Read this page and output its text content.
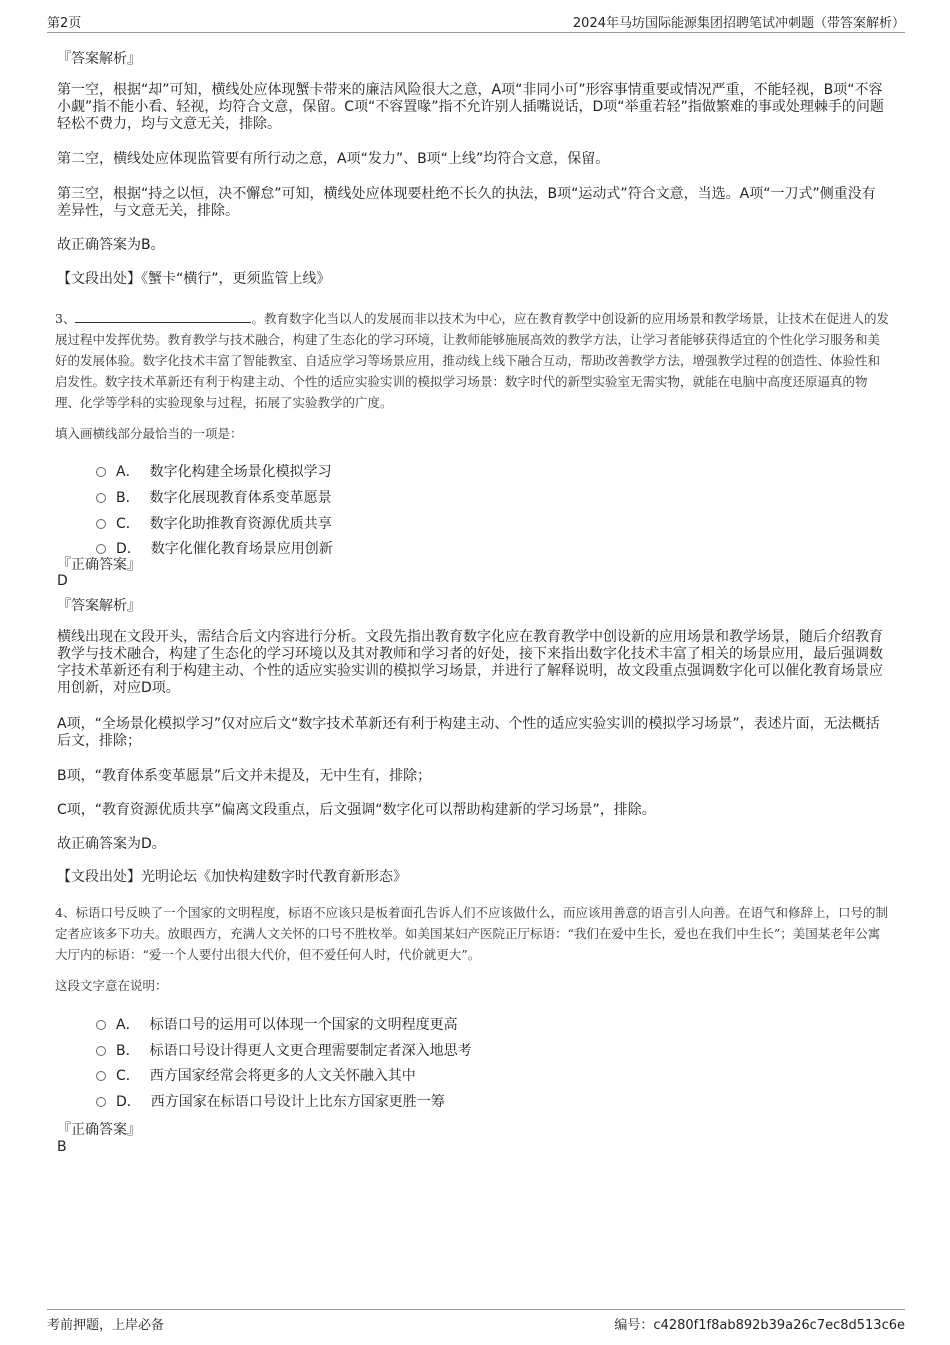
第2页	2024年马坊国际能源集团招聘笔试冲刺题（带答案解析）
『答案解析』
第一空，根据“却”可知，横线处应体现蟹卡带来的廉洁风险很大之意，A项“非同小可”形容事情重要或情况严重，不能轻视，B项“不容小觑”指不能小看、轻视，均符合文意，保留。C项“不容置喙”指不允许别人插嘴说话，D项“举重若轻”指做繁难的事或处理棘手的问题轻松不费力，均与文意无关，排除。
第二空，横线处应体现监管要有所行动之意，A项“发力”、B项“上线”均符合文意，保留。
第三空，根据“持之以恒，决不懈怠”可知，横线处应体现要杜绝不长久的执法，B项“运动式”符合文意，当选。A项“一刀式”侧重没有差异性，与文意无关，排除。
故正确答案为B。
【文段出处】《蟹卡“横行”，更须监管上线》
3、	。教育数字化当以人的发展而非以技术为中心，应在教育教学中创设新的应用场景和教学场景，让技术在促进人的发展过程中发挥优势。教育教学与技术融合，构建了生态化的学习环境，让教师能够施展高效的教学方法，让学习者能够获得适宜的个性化学习服务和美好的发展体验。数字化技术丰富了智能教室、自适应学习等场景应用，推动线上线下融合互动，帮助改善教学方法，增强教学过程的创造性、体验性和启发性。数字技术革新还有利于构建主动、个性的适应实验实训的模拟学习场景：数字时代的新型实验室无需实物，就能在电脑中高度还原逼真的物理、化学等学科的实验现象与过程，拓展了实验教学的广度。
填入画横线部分最恰当的一项是：
A． 数字化构建全场景化模拟学习
B． 数字化展现教育体系变革愿景
C． 数字化助推教育资源优质共享
D． 数字化催化教育场景应用创新
『正确答案』
D
『答案解析』
横线出现在文段开头，需结合后文内容进行分析。文段先指出教育数字化应在教育教学中创设新的应用场景和教学场景，随后介绍教育教学与技术融合，构建了生态化的学习环境以及其对教师和学习者的好处，接下来指出数字化技术丰富了相关的场景应用，最后强调数字技术革新还有利于构建主动、个性的适应实验实训的模拟学习场景，并进行了解释说明，故文段重点强调数字化可以催化教育场景应用创新，对应D项。
A项，“全场景化模拟学习”仅对应后文“数字技术革新还有利于构建主动、个性的适应实验实训的模拟学习场景”，表述片面，无法概括后文，排除；
B项，“教育体系变革愿景”后文并未提及，无中生有，排除；
C项，“教育资源优质共享”偏离文段重点，后文强调“数字化可以帮助构建新的学习场景”，排除。
故正确答案为D。
【文段出处】光明论坛《加快构建数字时代教育新形态》
4、标语口号反映了一个国家的文明程度，标语不应该只是板着面孔告诉人们不应该做什么，而应该用善意的语言引人向善。在语气和修辞上，口号的制定者应该多下功夫。放眼西方，充满人文关怀的口号不胜枚举。如美国某妇产医院正厅标语：“我们在爱中生长，爱也在我们中生长”；美国某老年公寓大厅内的标语：“爱一个人要付出很大代价，但不爱任何人时，代价就更大”。
这段文字意在说明：
A． 标语口号的运用可以体现一个国家的文明程度更高
B． 标语口号设计得更人文更合理需要制定者深入地思考
C． 西方国家经常会将更多的人文关怀融入其中
D． 西方国家在标语口号设计上比东方国家更胜一筹
『正确答案』
B
考前押题，上岸必备	编号：c4280f1f8ab892b39a26c7ec8d513c6e
